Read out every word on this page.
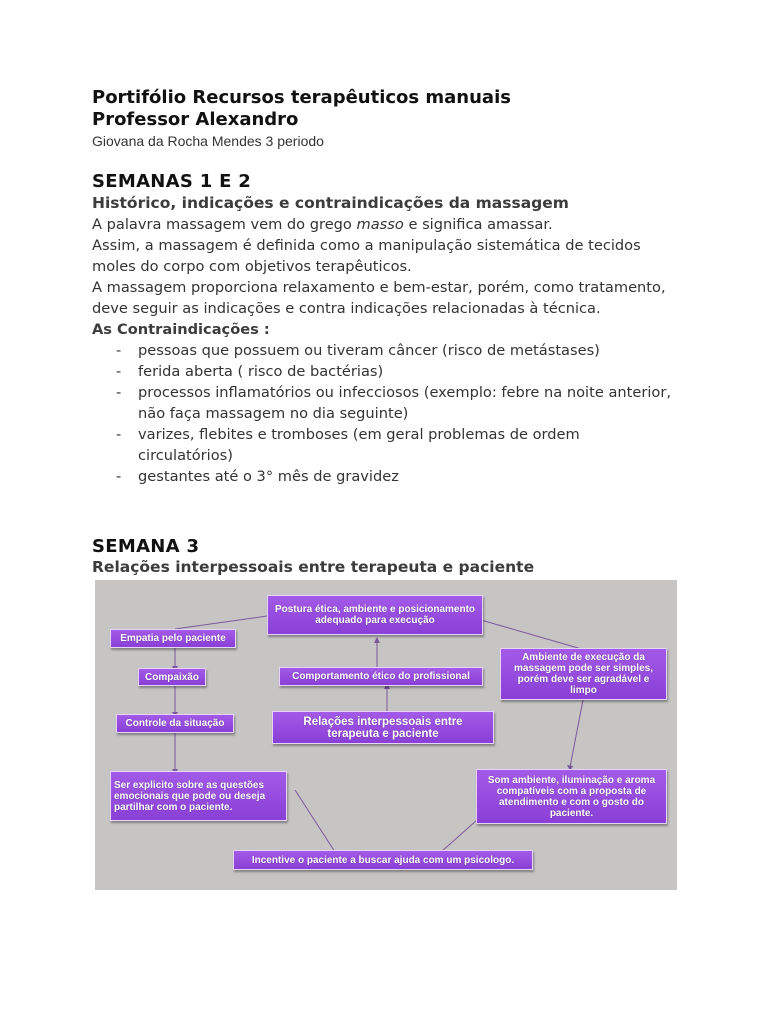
Portifólio Recursos terapêuticos manuais
Professor Alexandro
Giovana da Rocha Mendes 3 periodo
SEMANAS 1 E 2
Histórico, indicações e contraindicações da massagem

A palavra massagem vem do grego masso e significa amassar.

Assim, a massagem é definida como a manipulação sistemática de tecidos moles do corpo com objetivos terapêuticos.

A massagem proporciona relaxamento e bem-estar, porém, como tratamento, deve seguir as indicações e contra indicações relacionadas à técnica.

As Contraindicações :

- pessoas que possuem ou tiveram câncer (risco de metástases)
- ferida aberta ( risco de bactérias)
- processos inflamatórios ou infecciosos (exemplo: febre na noite anterior, não faça massagem no dia seguinte)
- varizes, flebites e tromboses (em geral problemas de ordem circulatórios)
- gestantes até o 3° mês de gravidez
SEMANA 3
Relações interpessoais entre terapeuta e paciente
Postura ética, ambiente e posicionamento adequado para execução
Empatia pelo paciente
Compaixão
Controle da situação
Comportamento ético do profissional
Relações interpessoais entre terapeuta e paciente
Ambiente de execução da massagem pode ser simples, porém deve ser agradável e limpo
Ser explicito sobre as questões emocionais que pode ou deseja partilhar com o paciente.
Som ambiente, iluminação e aroma compatíveis com a proposta de atendimento e com o gosto do paciente.
Incentive o paciente a buscar ajuda com um psicologo.
